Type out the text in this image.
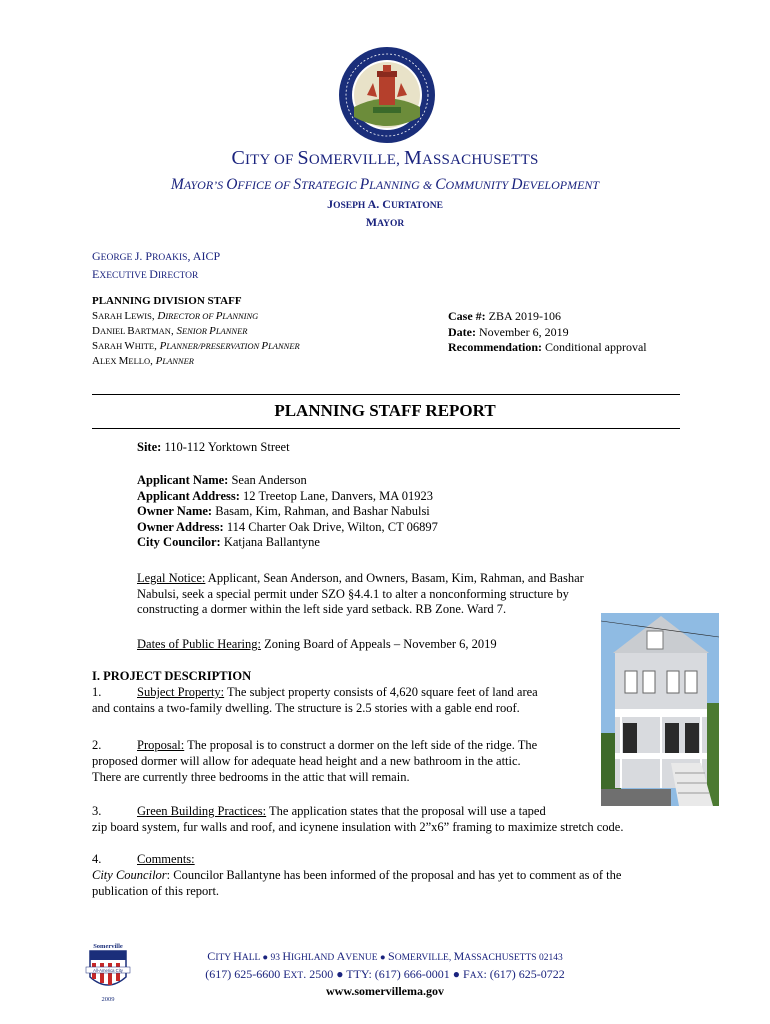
CITY OF SOMERVILLE, MASSACHUSETTS
MAYOR’S OFFICE OF STRATEGIC PLANNING & COMMUNITY DEVELOPMENT
JOSEPH A. CURTATONE
MAYOR
GEORGE J. PROAKIS, AICP
EXECUTIVE DIRECTOR
PLANNING DIVISION STAFF
SARAH LEWIS, DIRECTOR OF PLANNING
DANIEL BARTMAN, SENIOR PLANNER
SARAH WHITE, PLANNER/PRESERVATION PLANNER
ALEX MELLO, PLANNER
Case #: ZBA 2019-106
Date: November 6, 2019
Recommendation: Conditional approval
PLANNING STAFF REPORT
Site: 110-112 Yorktown Street
Applicant Name: Sean Anderson
Applicant Address: 12 Treetop Lane, Danvers, MA 01923
Owner Name: Basam, Kim, Rahman, and Bashar Nabulsi
Owner Address: 114 Charter Oak Drive, Wilton, CT 06897
City Councilor: Katjana Ballantyne
Legal Notice: Applicant, Sean Anderson, and Owners, Basam, Kim, Rahman, and Bashar
Nabulsi, seek a special permit under SZO §4.4.1 to alter a nonconforming structure by
constructing a dormer within the left side yard setback. RB Zone. Ward 7.
Dates of Public Hearing: Zoning Board of Appeals – November 6, 2019
I. PROJECT DESCRIPTION
1.	Subject Property: The subject property consists of 4,620 square feet of land area
and contains a two-family dwelling. The structure is 2.5 stories with a gable end roof.
2.	Proposal: The proposal is to construct a dormer on the left side of the ridge. The
proposed dormer will allow for adequate head height and a new bathroom in the attic.
There are currently three bedrooms in the attic that will remain.
3.	Green Building Practices: The application states that the proposal will use a taped
zip board system, fur walls and roof, and icynene insulation with 2”x6” framing to maximize stretch code.
4.	Comments:
City Councilor: Councilor Ballantyne has been informed of the proposal and has yet to comment as of the
publication of this report.
Somerville
All-America City
2009
CITY HALL ● 93 HIGHLAND AVENUE ● SOMERVILLE, MASSACHUSETTS 02143
(617) 625-6600 EXT. 2500 ● TTY: (617) 666-0001 ● FAX: (617) 625-0722
www.somervillema.gov
